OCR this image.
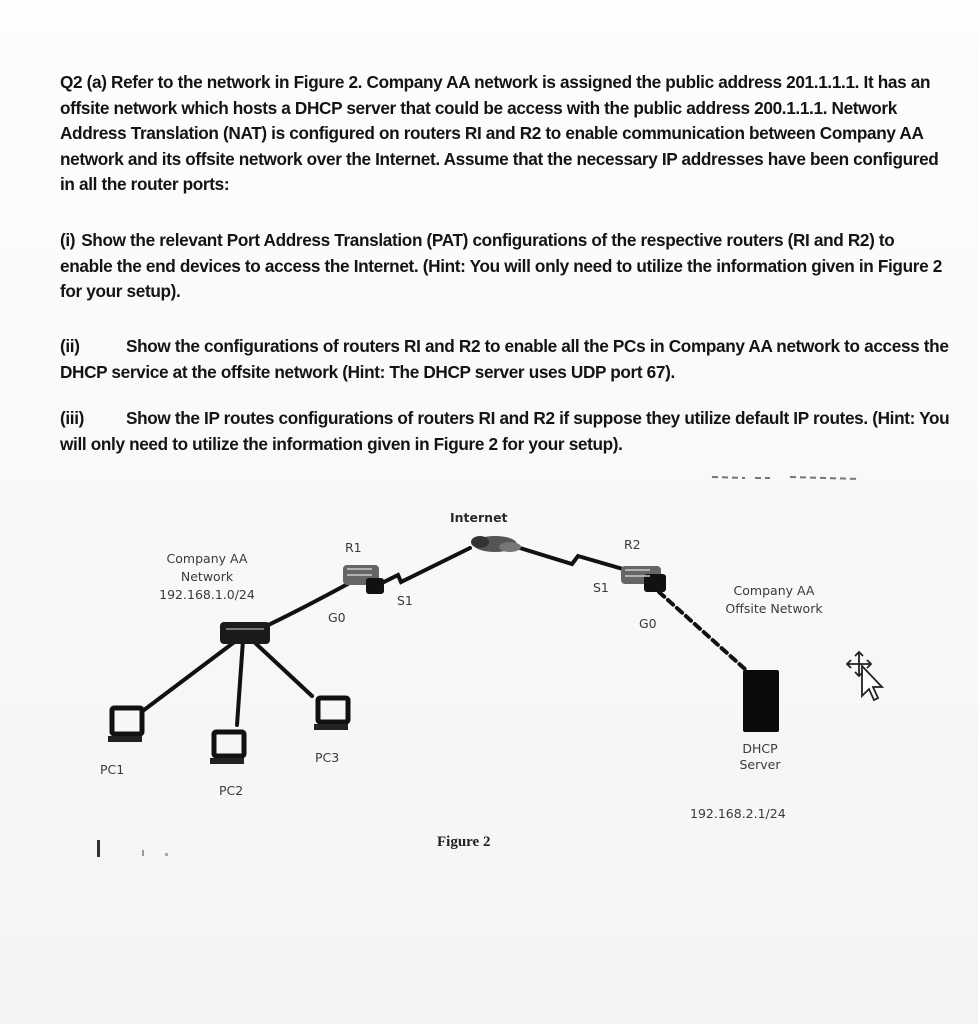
Q2 (a) Refer to the network in Figure 2. Company AA network is assigned the public address 201.1.1.1. It has an offsite network which hosts a DHCP server that could be access with the public address 200.1.1.1. Network Address Translation (NAT) is configured on routers RI and R2 to enable communication between Company AA network and its offsite network over the Internet. Assume that the necessary IP addresses have been configured in all the router ports:

(i) Show the relevant Port Address Translation (PAT) configurations of the respective routers (RI and R2) to enable the end devices to access the Internet. (Hint: You will only need to utilize the information given in Figure 2 for your setup).

(ii)	Show the configurations of routers RI and R2 to enable all the PCs in Company AA network to access the DHCP service at the offsite network (Hint: The DHCP server uses UDP port 67).

(iii) Show the IP routes configurations of routers RI and R2 if suppose they utilize default IP routes. (Hint: You will only need to utilize the information given in Figure 2 for your setup).

Internet
R1	R2
S1
S1
G0	G0
Company AA
Network
192.168.1.0/24	Company AA
Offsite Network
PC1
PC2
PC3
DHCP
Server
192.168.2.1/24
Figure 2
